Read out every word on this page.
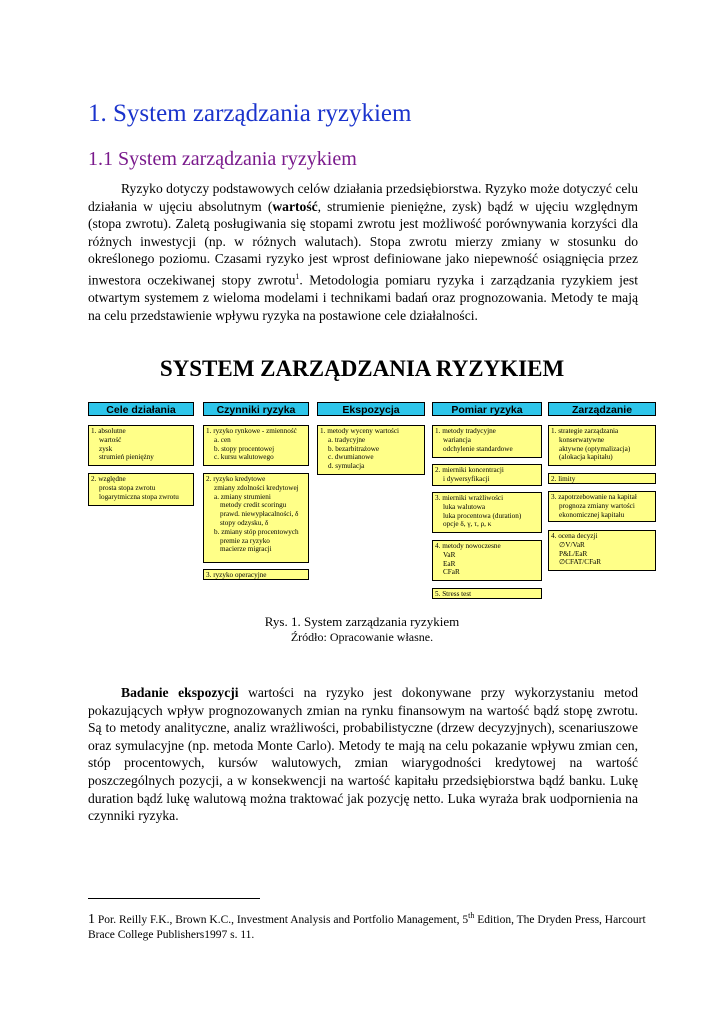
1. System zarządzania ryzykiem
1.1 System zarządzania ryzykiem

Ryzyko dotyczy podstawowych celów działania przedsiębiorstwa. Ryzyko może dotyczyć celu działania w ujęciu absolutnym (wartość, strumienie pieniężne, zysk) bądź w ujęciu względnym (stopa zwrotu). Zaletą posługiwania się stopami zwrotu jest możliwość porównywania korzyści dla różnych inwestycji (np. w różnych walutach). Stopa zwrotu mierzy zmiany w stosunku do określonego poziomu. Czasami ryzyko jest wprost definiowane jako niepewność osiągnięcia przez inwestora oczekiwanej stopy zwrotu$^1$. Metodologia pomiaru ryzyka i zarządzania ryzykiem jest otwartym systemem z wieloma modelami i technikami badań oraz prognozowania. Metody te mają na celu przedstawienie wpływu ryzyka na postawione cele działalności.

SYSTEM ZARZĄDZANIA RYZYKIEM
Cele działania	Czynniki ryzyka	Ekspozycja	Pomiar ryzyka	Zarządzanie
1. absolutne
wartość
zysk
strumień pieniężny
2. względne
prosta stopa zwrotu
logarytmiczna stopa zwrotu
1. ryzyko rynkowe - zmienność
a. cen
b. stopy procentowej
c. kursu walutowego
2. ryzyko kredytowe
zmiany zdolności kredytowej
a. zmiany strumieni
metody credit scoringu
prawd. niewypłacalności, δ
stopy odzysku, δ
b. zmiany stóp procentowych
premie za ryzyko
macierze migracji
3. ryzyko operacyjne
1. metody wyceny wartości
a. tradycyjne
b. bezarbitrażowe
c. dwumianowe
d. symulacja
1. metody tradycyjne
wariancja
odchylenie standardowe
2. mierniki koncentracji
i dywersyfikacji
3. mierniki wrażliwości
luka walutowa
luka procentowa (duration)
opcje δ, γ, τ, ρ, κ
4. metody nowoczesne
VaR
EaR
CFaR
5. Stress test
1. strategie zarządzania
konserwatywne
aktywne (optymalizacja)
(alokacja kapitału)
2. limity
3. zapotrzebowanie na kapitał
prognoza zmiany wartości
ekonomicznej kapitału
4. ocena decyzji
∅V/VaR
P&L/EaR
∅CFAT/CFaR

Rys. 1. System zarządzania ryzykiem

Źródło: Opracowanie własne.

Badanie ekspozycji wartości na ryzyko jest dokonywane przy wykorzystaniu metod pokazujących wpływ prognozowanych zmian na rynku finansowym na wartość bądź stopę zwrotu. Są to metody analityczne, analiz wrażliwości, probabilistyczne (drzew decyzyjnych), scenariuszowe oraz symulacyjne (np. metoda Monte Carlo). Metody te mają na celu pokazanie wpływu zmian cen, stóp procentowych, kursów walutowych, zmian wiarygodności kredytowej na wartość poszczególnych pozycji, a w konsekwencji na wartość kapitału przedsiębiorstwa bądź banku. Lukę duration bądź lukę walutową można traktować jak pozycję netto. Luka wyraża brak uodpornienia na czynniki ryzyka.

1 Por. Reilly F.K., Brown K.C., Investment Analysis and Portfolio Management, 5th Edition, The Dryden Press, Harcourt Brace College Publishers1997 s. 11.
